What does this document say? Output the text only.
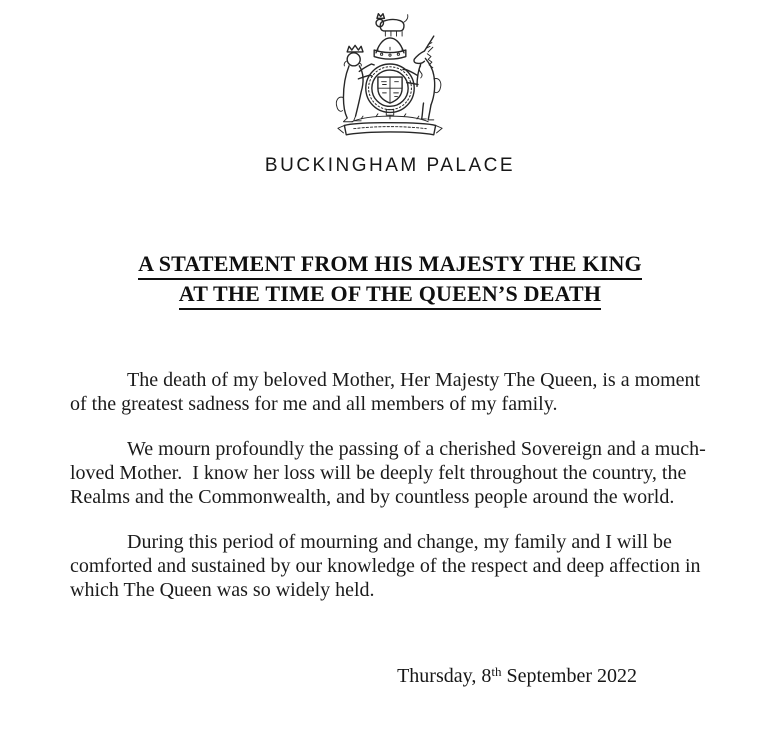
BUCKINGHAM PALACE
A STATEMENT FROM HIS MAJESTY THE KING
AT THE TIME OF THE QUEEN’S DEATH

The death of my beloved Mother, Her Majesty The Queen, is a moment
of the greatest sadness for me and all members of my family.

We mourn profoundly the passing of a cherished Sovereign and a much-
loved Mother.  I know her loss will be deeply felt throughout the country, the
Realms and the Commonwealth, and by countless people around the world.

During this period of mourning and change, my family and I will be
comforted and sustained by our knowledge of the respect and deep affection in
which The Queen was so widely held.

Thursday, 8th September 2022
